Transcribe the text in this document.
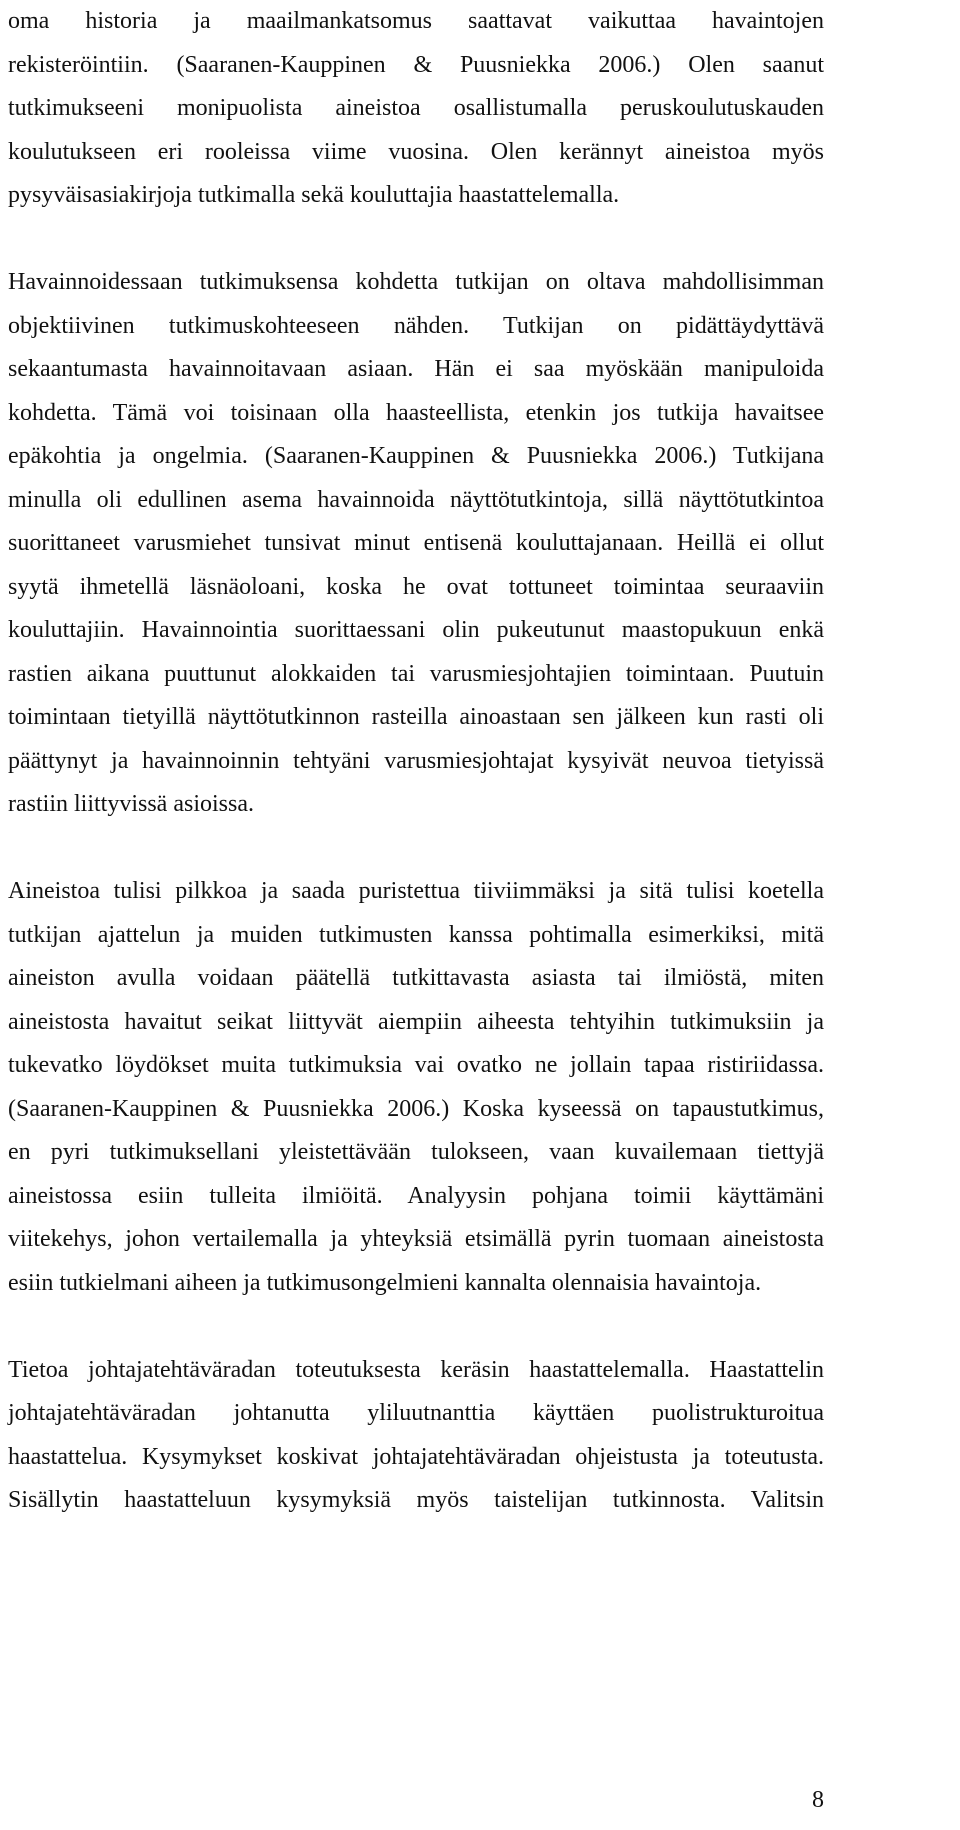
oma historia ja maailmankatsomus saattavat vaikuttaa havaintojen
rekisteröintiin. (Saaranen-Kauppinen & Puusniekka 2006.) Olen saanut
tutkimukseeni monipuolista aineistoa osallistumalla peruskoulutuskauden
koulutukseen eri rooleissa viime vuosina. Olen kerännyt aineistoa myös
pysyväisasiakirjoja tutkimalla sekä kouluttajia haastattelemalla.
Havainnoidessaan tutkimuksensa kohdetta tutkijan on oltava mahdollisimman
objektiivinen tutkimuskohteeseen nähden. Tutkijan on pidättäydyttävä
sekaantumasta havainnoitavaan asiaan. Hän ei saa myöskään manipuloida
kohdetta. Tämä voi toisinaan olla haasteellista, etenkin jos tutkija havaitsee
epäkohtia ja ongelmia. (Saaranen-Kauppinen & Puusniekka 2006.) Tutkijana
minulla oli edullinen asema havainnoida näyttötutkintoja, sillä näyttötutkintoa
suorittaneet varusmiehet tunsivat minut entisenä kouluttajanaan. Heillä ei ollut
syytä ihmetellä läsnäoloani, koska he ovat tottuneet toimintaa seuraaviin
kouluttajiin. Havainnointia suorittaessani olin pukeutunut maastopukuun enkä
rastien aikana puuttunut alokkaiden tai varusmiesjohtajien toimintaan. Puutuin
toimintaan tietyillä näyttötutkinnon rasteilla ainoastaan sen jälkeen kun rasti oli
päättynyt ja havainnoinnin tehtyäni varusmiesjohtajat kysyivät neuvoa tietyissä
rastiin liittyvissä asioissa.
Aineistoa tulisi pilkkoa ja saada puristettua tiiviimmäksi ja sitä tulisi koetella
tutkijan ajattelun ja muiden tutkimusten kanssa pohtimalla esimerkiksi, mitä
aineiston avulla voidaan päätellä tutkittavasta asiasta tai ilmiöstä, miten
aineistosta havaitut seikat liittyvät aiempiin aiheesta tehtyihin tutkimuksiin ja
tukevatko löydökset muita tutkimuksia vai ovatko ne jollain tapaa ristiriidassa.
(Saaranen-Kauppinen & Puusniekka 2006.) Koska kyseessä on tapaustutkimus,
en pyri tutkimuksellani yleistettävään tulokseen, vaan kuvailemaan tiettyjä
aineistossa esiin tulleita ilmiöitä. Analyysin pohjana toimii käyttämäni
viitekehys, johon vertailemalla ja yhteyksiä etsimällä pyrin tuomaan aineistosta
esiin tutkielmani aiheen ja tutkimusongelmieni kannalta olennaisia havaintoja.
Tietoa johtajatehtäväradan toteutuksesta keräsin haastattelemalla. Haastattelin
johtajatehtäväradan johtanutta yliluutnanttia käyttäen puolistrukturoitua
haastattelua. Kysymykset koskivat johtajatehtäväradan ohjeistusta ja toteutusta.
Sisällytin haastatteluun kysymyksiä myös taistelijan tutkinnosta. Valitsin
8
